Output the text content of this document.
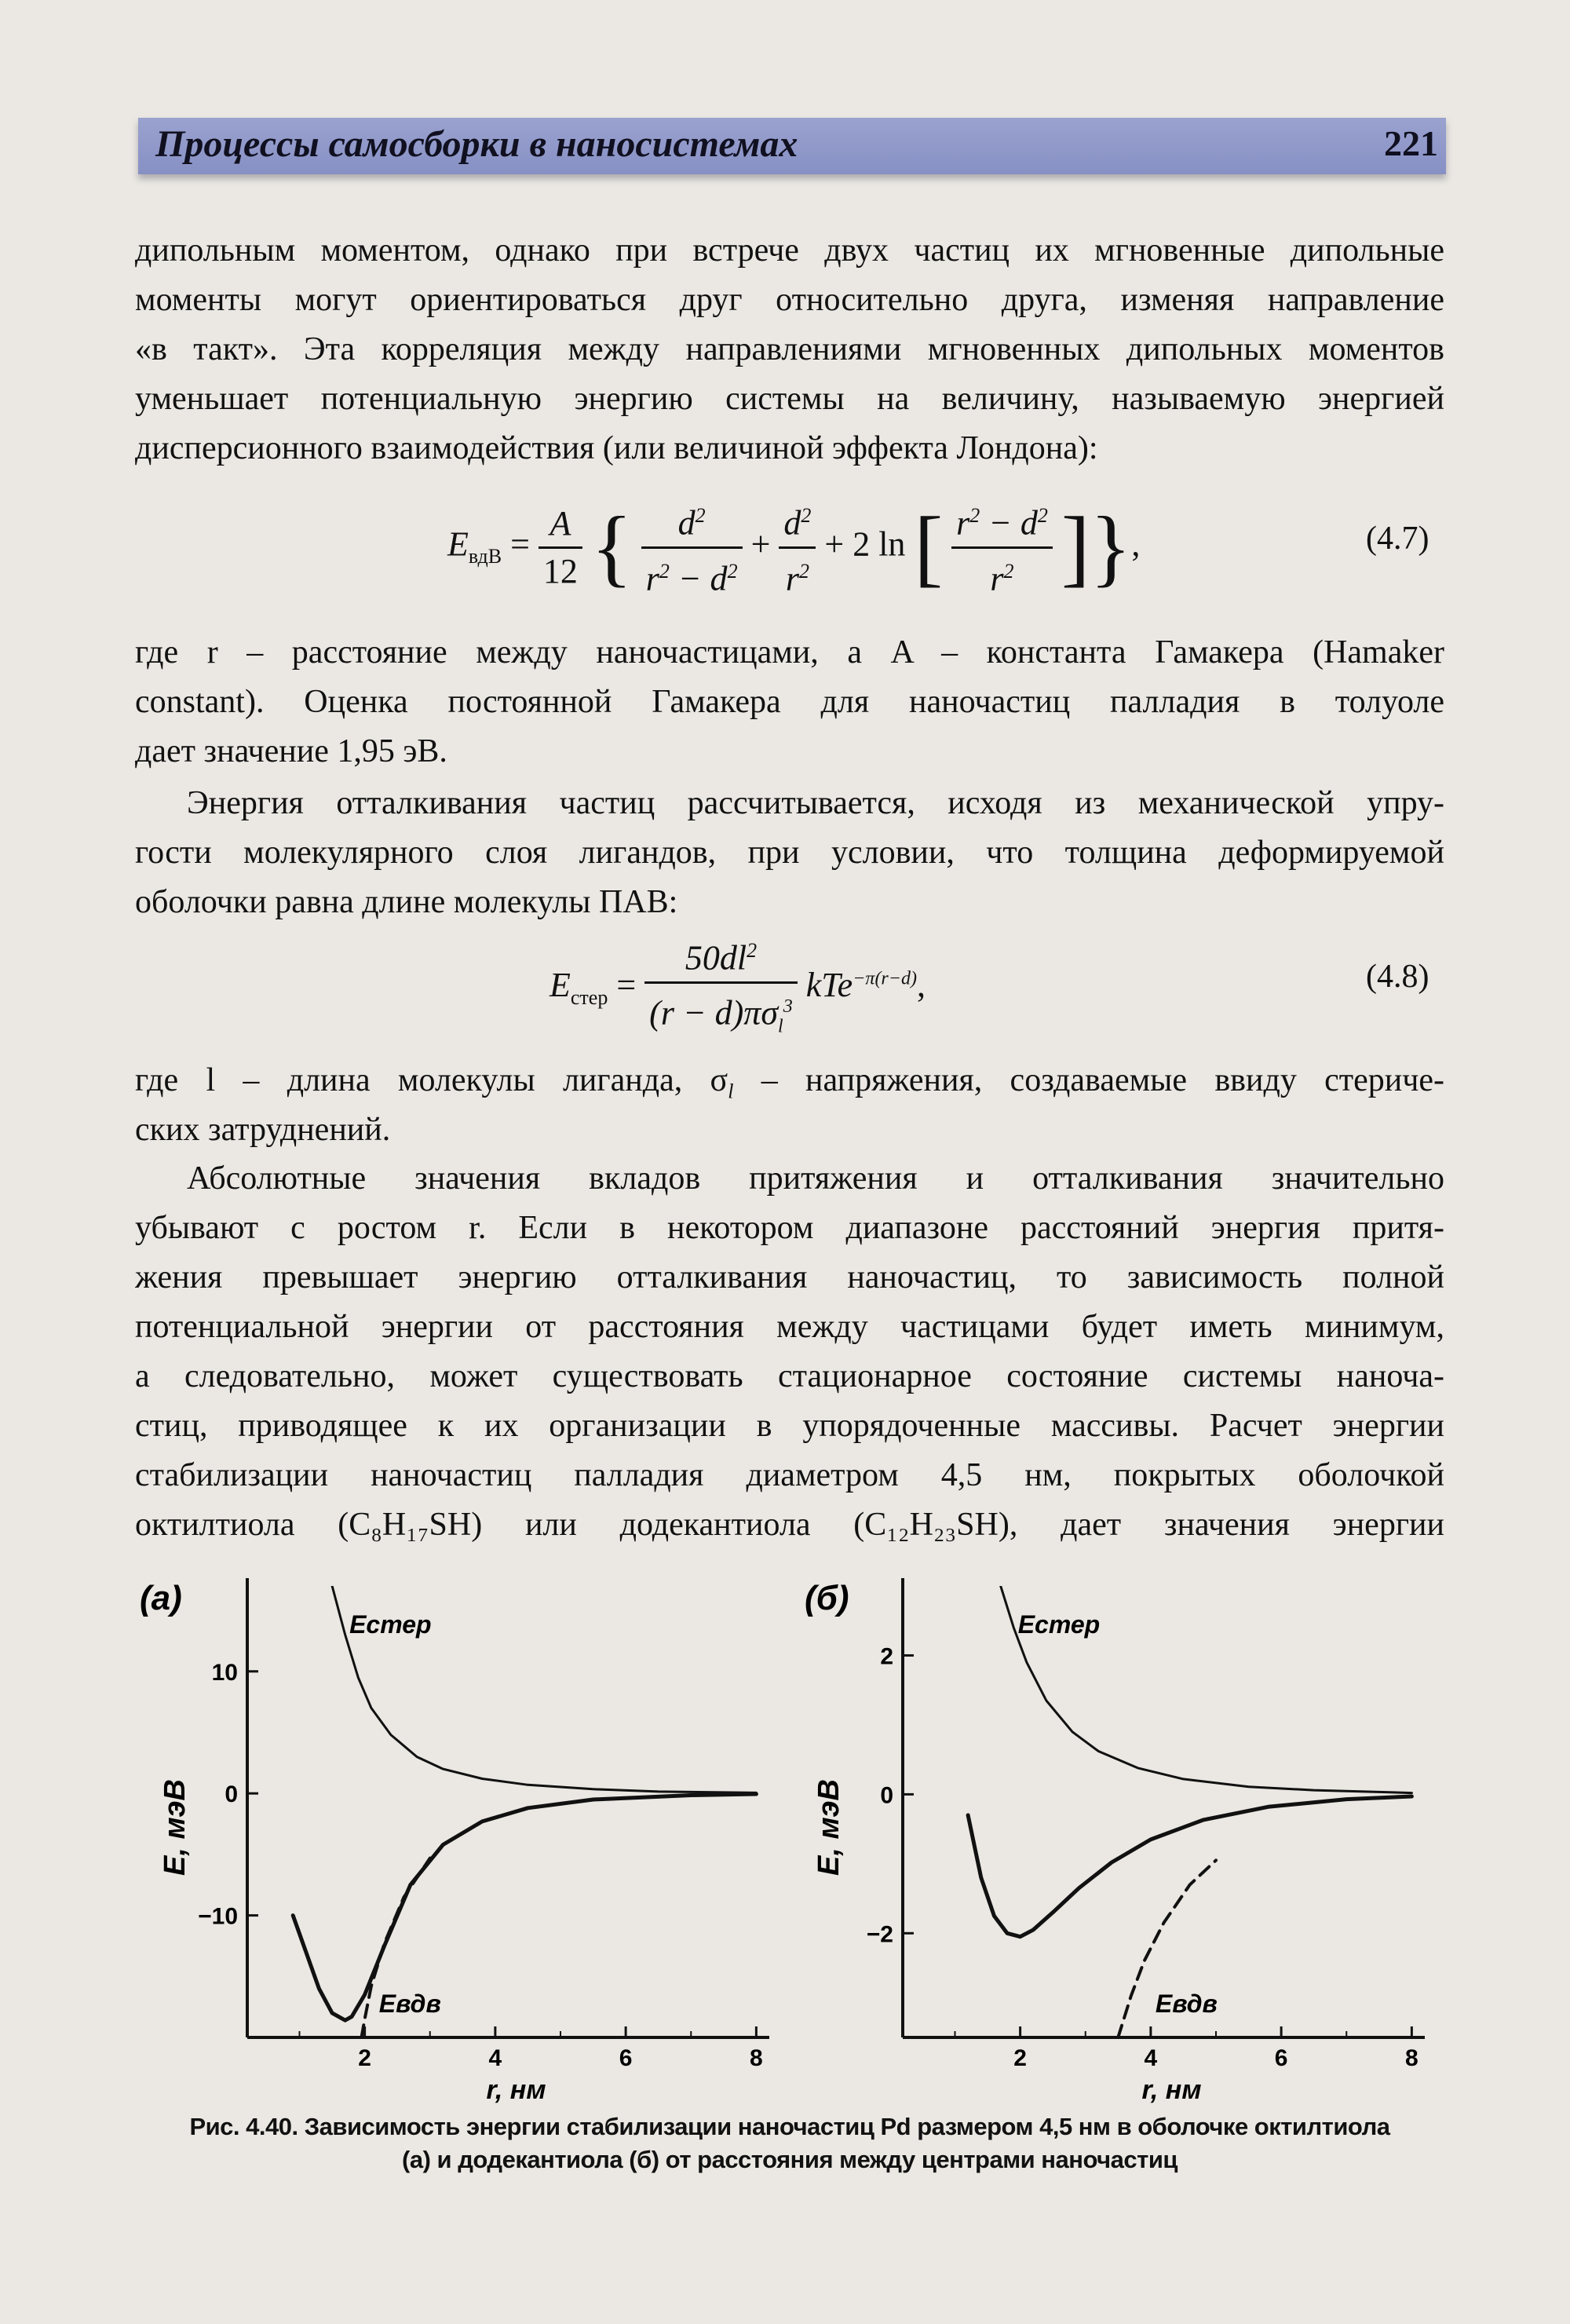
Процессы самосборки в наносистемах	221
дипольным моментом, однако при встрече двух частиц их мгновенные дипольные
моменты могут ориентироваться друг относительно друга, изменяя направление
«в такт». Эта корреляция между направлениями мгновенных дипольных моментов
уменьшает потенциальную энергию системы на величину, называемую энергией
дисперсионного взаимодействия (или величиной эффекта Лондона):
$E_{вдВ} = \frac{A}{12}$ { $\frac{d^2}{r^2 - d^2} + \frac{d^2}{r^2} + 2$ ln [ $\frac{r^2 - d^2}{r^2}$ ]},	(4.7)
где r – расстояние между наночастицами, а A – константа Гамакера (Hamaker
constant). Оценка постоянной Гамакера для наночастиц палладия в толуоле
дает значение 1,95 эВ.
Энергия отталкивания частиц рассчитывается, исходя из механической упру-
гости молекулярного слоя лигандов, при условии, что толщина деформируемой
оболочки равна длине молекулы ПАВ:
$E_{стер} = \frac{50dl^2}{(r - d)\pi\sigma_l^3} kTe^{-\pi(r-d)}$,	(4.8)
где l – длина молекулы лиганда, $\sigma_l$ – напряжения, создаваемые ввиду стериче-
ских затруднений.
Абсолютные значения вкладов притяжения и отталкивания значительно
убывают с ростом r. Если в некотором диапазоне расстояний энергия притя-
жения превышает энергию отталкивания наночастиц, то зависимость полной
потенциальной энергии от расстояния между частицами будет иметь минимум,
а следовательно, может существовать стационарное состояние системы наноча-
стиц, приводящее к их организации в упорядоченные массивы. Расчет энергии
стабилизации наночастиц палладия диаметром 4,5 нм, покрытых оболочкой
октилтиола (C₈H₁₇SH) или додекантиола (C₁₂H₂₃SH), дает значения энергии
(а)
E, мэВ
r, нм
2	4	6	8
10
0
−10
Eстер
Eвдв
(б)
E, мэВ
r, нм
2	4	6	8
2
0
−2
Eстер
Eвдв
Рис. 4.40. Зависимость энергии стабилизации наночастиц Pd размером 4,5 нм в оболочке октилтиола
(а) и додекантиола (б) от расстояния между центрами наночастиц
